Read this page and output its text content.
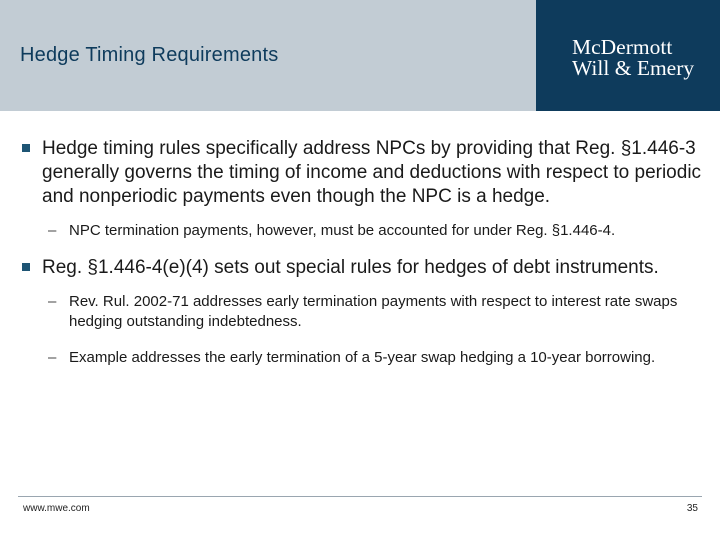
Hedge Timing Requirements	McDermott
Will & Emery
Hedge timing rules specifically address NPCs by providing that Reg. §1.446-3 generally governs the timing of income and deductions with respect to periodic and nonperiodic payments even though the NPC is a hedge.
– NPC termination payments, however, must be accounted for under Reg. §1.446-4.
Reg. §1.446-4(e)(4) sets out special rules for hedges of debt instruments.
– Rev. Rul. 2002-71 addresses early termination payments with respect to interest rate swaps hedging outstanding indebtedness.
– Example addresses the early termination of a 5-year swap hedging a 10-year borrowing.
www.mwe.com	35
